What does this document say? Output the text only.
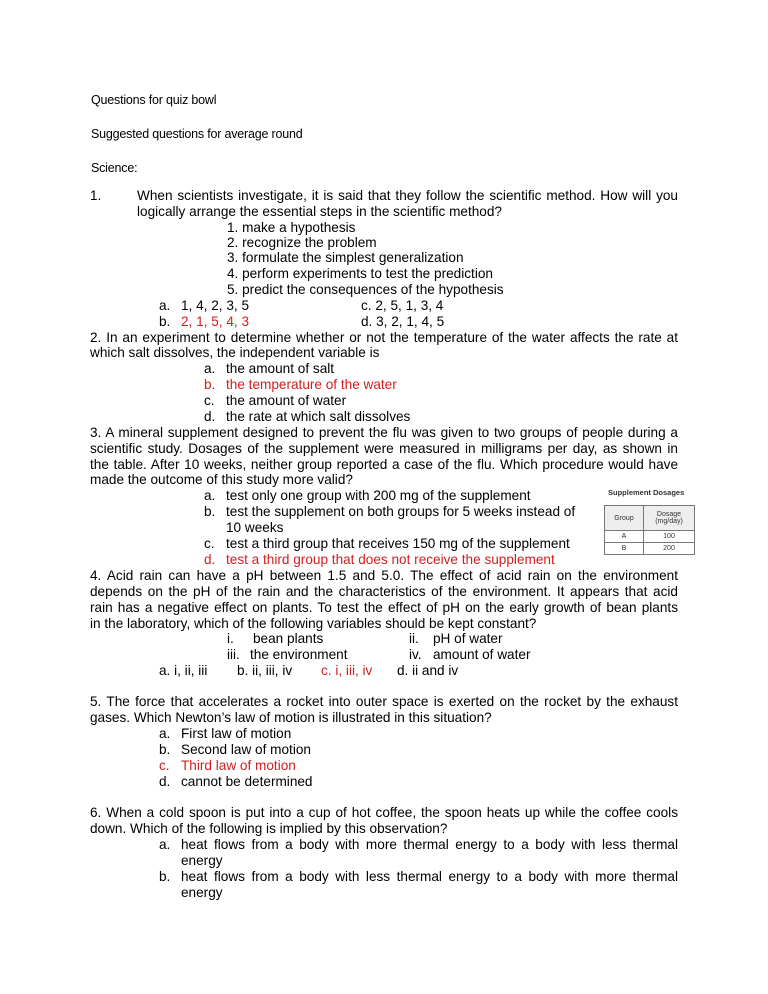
Questions for quiz bowl
Suggested questions for average round
Science:
1.	When scientists investigate, it is said that they follow the scientific method. How will you
logically arrange the essential steps in the scientific method?
1. make a hypothesis
2. recognize the problem
3. formulate the simplest generalization
4. perform experiments to test the prediction
5. predict the consequences of the hypothesis
a. 1, 4, 2, 3, 5	c. 2, 5, 1, 3, 4
b. 2, 1, 5, 4, 3	d. 3, 2, 1, 4, 5
2. In an experiment to determine whether or not the temperature of the water affects the rate at
which salt dissolves, the independent variable is
a. the amount of salt
b. the temperature of the water
c. the amount of water
d. the rate at which salt dissolves
3. A mineral supplement designed to prevent the flu was given to two groups of people during a
scientific study. Dosages of the supplement were measured in milligrams per day, as shown in
the table. After 10 weeks, neither group reported a case of the flu. Which procedure would have
made the outcome of this study more valid?
a. test only one group with 200 mg of the supplement
b. test the supplement on both groups for 5 weeks instead of
10 weeks
c. test a third group that receives 150 mg of the supplement
d. test a third group that does not receive the supplement
Supplement Dosages
Group	Dosage
(mg/day)
A	100
B	200
4. Acid rain can have a pH between 1.5 and 5.0. The effect of acid rain on the environment
depends on the pH of the rain and the characteristics of the environment. It appears that acid
rain has a negative effect on plants. To test the effect of pH on the early growth of bean plants
in the laboratory, which of the following variables should be kept constant?
i. bean plants	ii. pH of water
iii. the environment	iv. amount of water
a. i, ii, iii b. ii, iii, iv c. i, iii, iv d. ii and iv
5. The force that accelerates a rocket into outer space is exerted on the rocket by the exhaust
gases. Which Newton’s law of motion is illustrated in this situation?
a. First law of motion
b. Second law of motion
c. Third law of motion
d. cannot be determined
6. When a cold spoon is put into a cup of hot coffee, the spoon heats up while the coffee cools
down. Which of the following is implied by this observation?
a. heat flows from a body with more thermal energy to a body with less thermal
energy
b. heat flows from a body with less thermal energy to a body with more thermal
energy
